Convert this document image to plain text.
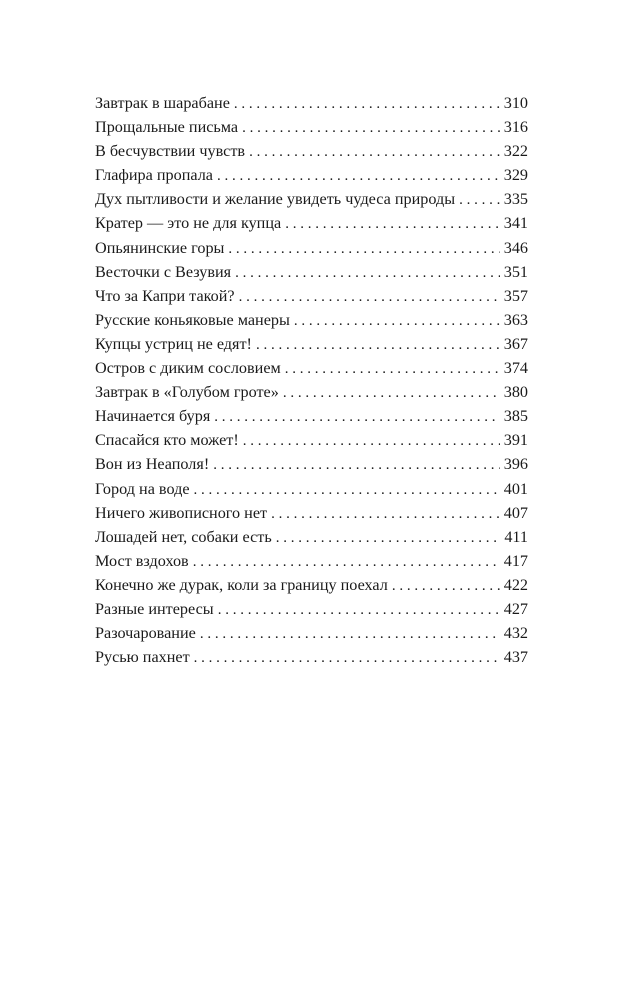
Завтрак в шарабане . . .	310
Прощальные письма . . .	316
В бесчувствии чувств . . .	322
Глафира пропала . . .	329
Дух пытливости и желание увидеть чудеса природы . . .	335
Кратер — это не для купца . . .	341
Опьянинские горы . . .	346
Весточки с Везувия . . .	351
Что за Капри такой? . . .	357
Русские коньяковые манеры . . .	363
Купцы устриц не едят! . . .	367
Остров с диким сословием . . .	374
Завтрак в «Голубом гроте» . . .	380
Начинается буря . . .	385
Спасайся кто может! . . .	391
Вон из Неаполя! . . .	396
Город на воде . . .	401
Ничего живописного нет . . .	407
Лошадей нет, собаки есть . . .	411
Мост вздохов . . .	417
Конечно же дурак, коли за границу поехал . . .	422
Разные интересы . . .	427
Разочарование . . .	432
Русью пахнет . . .	437
